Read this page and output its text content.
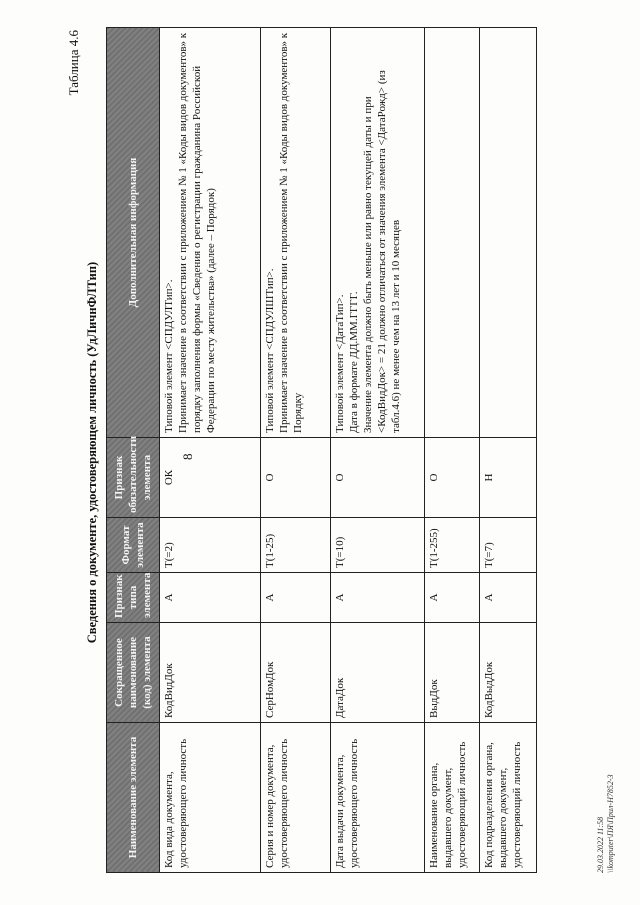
8
Таблица 4.6
Сведения о документе, удостоверяющем личность (УдЛичнФЛТип)
Наименование элемента	Сокращенное наименование (код) элемента	Признак типа элемента	Формат элемента	Признак обязательности элемента	Дополнительная информация
Код вида документа, удостоверяющего личность	КодВидДок	А	T(=2)	ОК	Типовой элемент <СПДУЛТип>.
Принимает значение в соответствии с приложением № 1 «Коды видов документов» к порядку заполнения формы «Сведения о регистрации гражданина Российской Федерации по месту жительства» (далее – Порядок)
Серия и номер документа, удостоверяющего личность	СерНомДок	А	T(1-25)	О	Типовой элемент <СПДУЛШТип>.
Принимает значение в соответствии с приложением № 1 «Коды видов документов» к Порядку
Дата выдачи документа, удостоверяющего личность	ДатаДок	А	T(=10)	О	Типовой элемент <ДатаТип>.
Дата в формате ДД.ММ.ГГГГ.
Значение элемента должно быть меньше или равно текущей даты и при <КодВидДок> = 21 должно отличаться от значения элемента <ДатаРожд> (из табл.4.6) не менее чем на 13 лет и 10 месяцев
Наименование органа, выдавшего документ, удостоверяющий личность	ВыдДок	А	T(1-255)	О	
Код подразделения органа, выдавшего документ, удостоверяющий личность	КодВыдДок	А	T(=7)	Н	
29.03.2022 11:58 \\komputer\ПЯ\Прил-Н7852-3
